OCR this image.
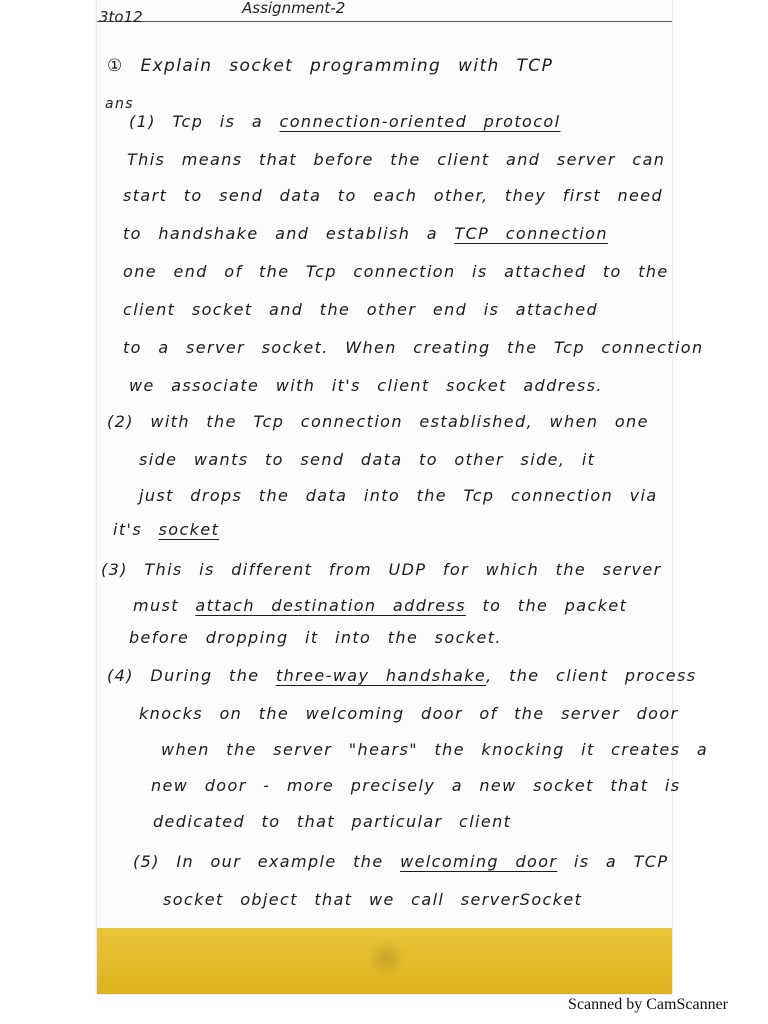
3to12	Assignment-2
① Explain socket programming with TCP
ans
(1) Tcp is a connection-oriented protocol
This means that before the client and server can
start to send data to each other, they first need
to handshake and establish a TCP connection
one end of the Tcp connection is attached to the
client socket and the other end is attached
to a server socket. When creating the Tcp connection
we associate with it's client socket address.
(2) with the Tcp connection established, when one
side wants to send data to other side, it
just drops the data into the Tcp connection via
it's socket
(3) This is different from UDP for which the server
must attach destination address to the packet
before dropping it into the socket.
(4) During the three-way handshake, the client process
knocks on the welcoming door of the server door
when the server "hears" the knocking it creates a
new door - more precisely a new socket that is
dedicated to that particular client
(5) In our example the welcoming door is a TCP
socket object that we call serverSocket
Scanned by CamScanner
